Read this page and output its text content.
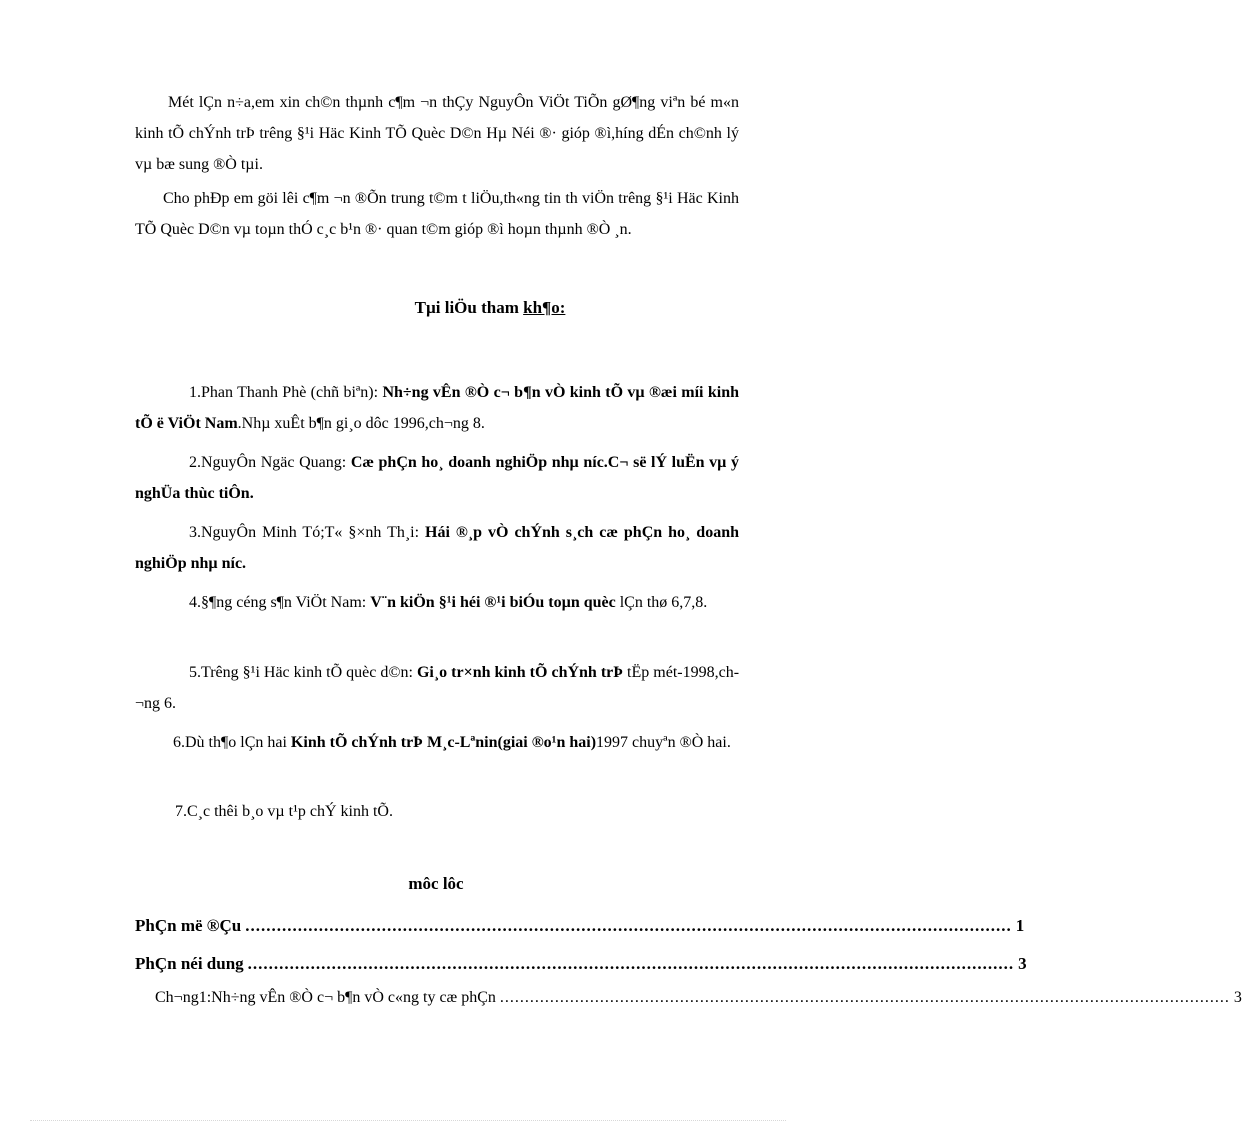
Mét lÇn n÷a,em xin ch©n thµnh c¶m ¬n thÇy NguyÔn ViÖt TiÕn gØ¶ng viªn bé m«n kinh tÕ chÝnh trÞ trêng §¹i Häc Kinh TÕ Quèc D©n Hµ Néi ®· gióp ®ì,híng dÉn ch©nh lý vµ bæ sung ®Ò tµi.

Cho phÐp em göi lêi c¶m ¬n ®Õn trung t©m t liÖu,th«ng tin th viÖn trêng §¹i Häc Kinh TÕ Quèc D©n vµ toµn thÓ c¸c b¹n ®· quan t©m gióp ®ì hoµn thµnh ®Ò ¸n.

Tµi liÖu tham kh¶o:
1.Phan Thanh Phè (chñ biªn): Nh÷ng vÊn ®Ò c¬ b¶n vÒ kinh tÕ vµ ®æi míi kinh tÕ ë ViÖt Nam.Nhµ xuÊt b¶n gi¸o dôc 1996,ch¬ng 8.
2.NguyÔn Ngäc Quang: Cæ phÇn ho¸ doanh nghiÖp nhµ níc.C¬ së lÝ luËn vµ ý nghÜa thùc tiÔn.
3.NguyÔn Minh Tó;T« §×nh Th¸i: Hái ®¸p vÒ chÝnh s¸ch cæ phÇn ho¸ doanh nghiÖp nhµ níc.
4.§¶ng céng s¶n ViÖt Nam: V¨n kiÖn §¹i héi ®¹i biÓu toµn quèc lÇn thø 6,7,8.
5.Trêng §¹i Häc kinh tÕ quèc d©n: Gi¸o tr×nh kinh tÕ chÝnh trÞ tËp mét-1998,ch¬ng 6.
6.Dù th¶o lÇn hai Kinh tÕ chÝnh trÞ M¸c-Lªnin(giai ®o¹n hai)1997 chuyªn ®Ò hai.
7.C¸c thêi b¸o vµ t¹p chÝ kinh tÕ.
môc lôc
PhÇn më ®Çu .................................................................................................................................................. 1
PhÇn néi dung .................................................................................................................................................. 3
Ch¬ng1:Nh÷ng vÊn ®Ò c¬ b¶n vÒ c«ng ty cæ phÇn .................................................................................................................................................. 3
